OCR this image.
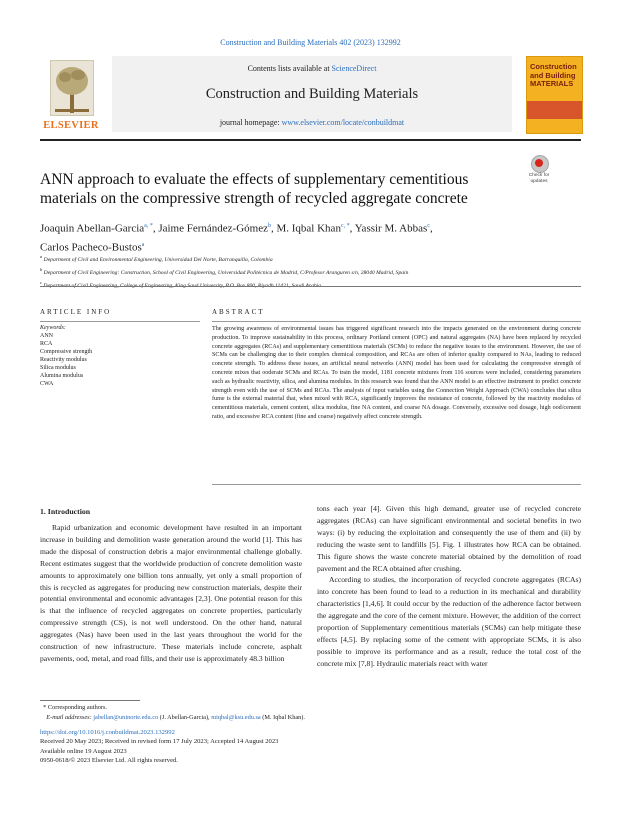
Construction and Building Materials 402 (2023) 132992
ELSEVIER
Contents lists available at ScienceDirect
Construction and Building Materials
journal homepage: www.elsevier.com/locate/conbuildmat
Construction and Building MATERIALS
ANN approach to evaluate the effects of supplementary cementitious materials on the compressive strength of recycled aggregate concrete
Check for updates
Joaquin Abellan-Garcia$^{a, *}$, Jaime Fernández-Gómez$^b$, M. Iqbal Khan$^{c, *}$, Yassir M. Abbas$^c$,
Carlos Pacheco-Bustos$^a$
$^a$ Department of Civil and Environmental Engineering, Universidad Del Norte, Barranquilla, Colombia
$^b$ Department of Civil Engineering: Construction, School of Civil Engineering, Universidad Politécnica de Madrid, C/Profesor Aranguren s/n, 28040 Madrid, Spain
$^c$
ARTICLE INFO
Keywords:
ANN
RCA
Compressive strength
Reactivity modulus
Silica modulus
Alumina modulus
CWA
ABSTRACT
The growing awareness of environmental issues has triggered significant research into the impacts generated on the environment during concrete production. To improve sustainability in this process, ordinary Portland cement (OPC) and natural aggregates (NA) have been replaced by recycled concrete aggregates (RCAs) and supplementary cementitious materials (SCMs) to reduce the negative issues to the environment. However, the use of SCMs can be challenging due to their complex chemical composition, and RCAs are often of inferior quality compared to NAs, leading to reduced concrete strength. To address these issues, an artificial neural networks (ANN) model has been used for calculating the compressive strength of concrete mixes that ooderate SCMs and RCAs. To train the model, 1181 concrete mixtures from 116 sources were included, considering parameters such as hydraulic reactivity, silica, and alumina modulus. In this research was found that the ANN model is an effective instrument to predict concrete strength even with the use of SCMs and RCAs. The analysis of input variables using the Connection Weight Approach (CWA) concludes that silica fume is the external material that, when mixed with RCA, significantly improves the resistance of concrete, followed by the reactivity modulus of cementitious materials, cement content, silica modulus, fine NA content, and coarse NA dosage. Conversely, excessive ood dosage, high ood/cement ratio, and excessive RCA content (fine and coarse) negatively affect concrete strength.
1. Introduction

Rapid urbanization and economic development have resulted in an important increase in building and demolition waste generation around the world [1]. This has made the disposal of construction debris a major environmental challenge globally. Recent estimates suggest that the worldwide production of concrete demolition waste amounts to approximately one billion tons annually, yet only a small proportion of this is recycled as aggregates for producing new construction materials, despite their potential environmental and economic advantages [2,3]. One potential reason for this is that the influence of recycled aggregates on concrete properties, particularly compressive strength (CS), is not well understood. On the other hand, natural aggregates (Nas) have been used in the last years throughout the world for the construction of new infrastructure. These materials include concrete, asphalt pavements, ood, metal, and road fills, and their use is approximately 48.3 billion

tons each year [4]. Given this high demand, greater use of recycled concrete aggregates (RCAs) can have significant environmental and societal benefits in two ways: (i) by reducing the exploitation and consequently the use of them and (ii) by reducing the waste sent to landfills [5]. Fig. 1 illustrates how RCA can be obtained. This figure shows the waste concrete material obtained by the demolition of road pavement and the RCA obtained after crushing.

According to studies, the incorporation of recycled concrete aggregates (RCAs) into concrete has been found to lead to a reduction in its mechanical and durability characteristics [1,4,6]. It could occur by the reduction of the adherence factor between the aggregate and the core of the cement mixture. However, the addition of the correct proportion of Supplementary cementitious materials (SCMs) can help mitigate these effects [4,5]. By replacing some of the cement with appropriate SCMs, it is also possible to improve its performance and as a result, reduce the total cost of the concrete mix [7,8]. Hydraulic materials react with water

* Corresponding authors.
E-mail addresses: jabellan@uninorte.edu.co (J. Abellan-Garcia), miqbal@ksu.edu.sa (M. Iqbal Khan).
https://doi.org/10.1016/j.conbuildmat.2023.132992
Received 20 May 2023; Received in revised form 17 July 2023; Accepted 14 August 2023
Available online 19 August 2023
0950-0618/© 2023 Elsevier Ltd. All rights reserved.
